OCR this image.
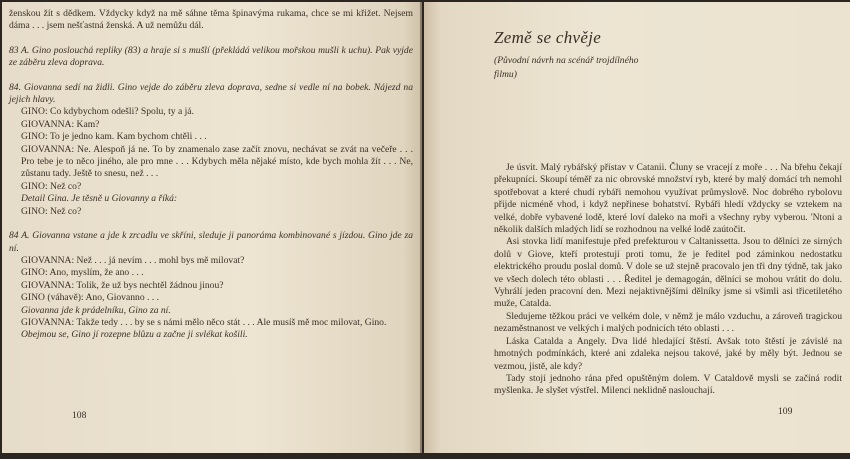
ženskou žít s dědkem. Vždycky když na mě sáhne těma špinavýma rukama, chce se mi křižet. Nejsem dáma . . . jsem nešťastná ženská. A už nemůžu dál.

83 A. Gino poslouchá repliky (83) a hraje si s mušlí (překládá velikou mořskou mušli k uchu). Pak vyjde ze záběru zleva doprava.

84. Giovanna sedí na židli. Gino vejde do záběru zleva doprava, sedne si vedle ní na bobek. Nájezd na jejich hlavy.

GINO: Co kdybychom odešli? Spolu, ty a já.

GIOVANNA: Kam?

GINO: To je jedno kam. Kam bychom chtěli . . .

GIOVANNA: Ne. Alespoň já ne. To by znamenalo zase začít znovu, nechávat se zvát na večeře . . . Pro tebe je to něco jiného, ale pro mne . . . Kdybych měla nějaké místo, kde bych mohla žít . . . Ne, zůstanu tady. Ještě to snesu, než . . .

GINO: Než co?

Detail Gina. Je těsně u Giovanny a říká:

GINO: Než co?

84 A. Giovanna vstane a jde k zrcadlu ve skříni, sleduje ji panoráma kombinované s jízdou. Gino jde za ní.

GIOVANNA: Než . . . já nevím . . . mohl bys mě milovat?

GINO: Ano, myslím, že ano . . .

GIOVANNA: Tolik, že už bys nechtěl žádnou jinou?

GINO (váhavě): Ano, Giovanno . . .

Giovanna jde k prádelníku, Gino za ní.

GIOVANNA: Takže tedy . . . by se s námi mělo něco stát . . . Ale musíš mě moc milovat, Gino.

Obejmou se, Gino jí rozepne blůzu a začne ji svlékat košili.

108
Země se chvěje
(Původní návrh na scénář trojdílného filmu)

Je úsvit. Malý rybářský přístav v Catanii. Čluny se vracejí z moře . . . Na břehu čekají překupníci. Skoupí téměř za nic obrovské množství ryb, které by malý domácí trh nemohl spotřebovat a které chudí rybáři nemohou využívat průmyslově. Noc dobrého rybolovu přijde nicméně vhod, i když nepřinese bohatství. Rybáři hledí vždycky se vztekem na velké, dobře vybavené lodě, které loví daleko na moři a všechny ryby vyberou. 'Ntoni a několik dalších mladých lidí se rozhodnou na velké lodě zaútočit.

Asi stovka lidí manifestuje před prefekturou v Caltanissetta. Jsou to dělníci ze sirných dolů v Giove, kteří protestují proti tomu, že je ředitel pod záminkou nedostatku elektrického proudu poslal domů. V dole se už stejně pracovalo jen tři dny týdně, tak jako ve všech dolech této oblasti . . . Ředitel je demagogán, dělníci se mohou vrátit do dolu. Vyhrálí jeden pracovní den. Mezi nejaktivnějšími dělníky jsme si všimli asi třicetiletého muže, Catalda.

Sledujeme těžkou práci ve velkém dole, v němž je málo vzduchu, a zároveň tragickou nezaměstnanost ve velkých i malých podnicích této oblasti . . .

Láska Catalda a Angely. Dva lidé hledající štěstí. Avšak toto štěstí je závislé na hmotných podmínkách, které ani zdaleka nejsou takové, jaké by měly být. Jednou se vezmou, jistě, ale kdy?

Tady stojí jednoho rána před opuštěným dolem. V Cataldově mysli se začíná rodit myšlenka. Je slyšet výstřel. Milenci neklidně naslouchají.

109
